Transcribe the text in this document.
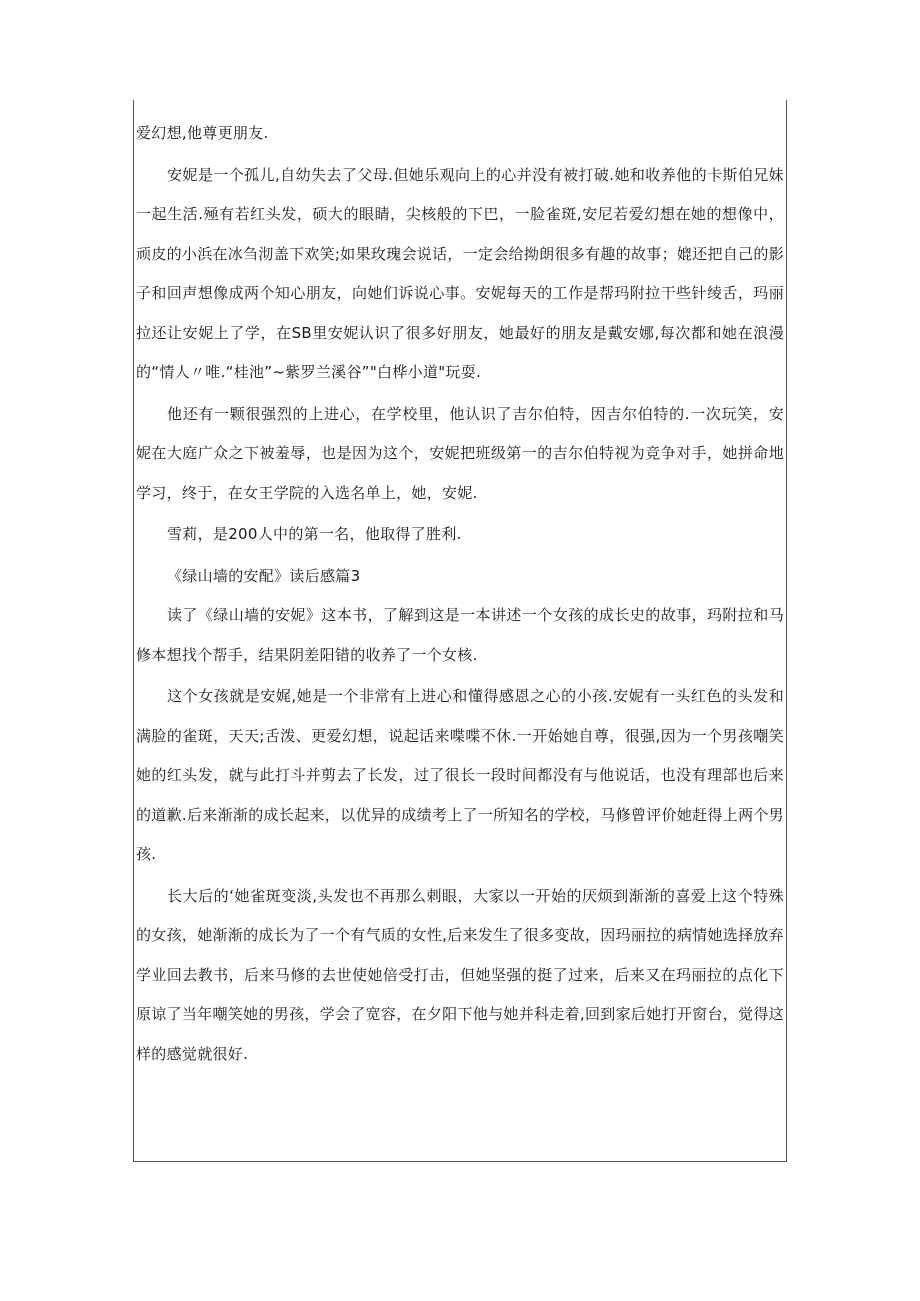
爱幻想,他尊更朋友.

安妮是一个孤儿,自幼失去了父母.但她乐观向上的心并没有被打破.她和收养他的卡斯伯兄妹一起生活.殛有若红头发，硕大的眼睛，尖核般的下巴，一脸雀斑,安尼若爱幻想在她的想像中，顽皮的小浜在冰刍沏盖下欢笑;如果玫瑰会说话，一定会给拗朗很多有趣的故事；媲还把自己的影子和回声想像成两个知心朋友，向她们诉说心事。安妮每天的工作是帮玛附拉干些针绫舌，玛丽拉还让安妮上了学，在SB里安妮认识了很多好朋友，她最好的朋友是戴安娜,每次都和她在浪漫的“情人〃唯.“桂池”~紫罗兰溪谷”"白桦小道"玩耍.

他还有一颗很强烈的上进心，在学校里，他认识了吉尔伯特，因吉尔伯特的.一次玩笑，安妮在大庭广众之下被羞辱，也是因为这个，安妮把班级第一的吉尔伯特视为竞争对手，她拼命地学习，终于，在女王学院的入选名单上，她，安妮.

雪莉，是200人中的第一名，他取得了胜利.

《绿山墙的安配》读后感篇3

读了《绿山墙的安妮》这本书，了解到这是一本讲述一个女孩的成长史的故事，玛附拉和马修本想找个帮手，结果阴差阳错的收养了一个女核.

这个女孩就是安娓,她是一个非常有上进心和懂得感恩之心的小孩.安妮有一头红色的头发和满脸的雀斑，天天;舌泼、更爱幻想，说起话来喋喋不休.一开始她自尊，很强,因为一个男孩嘲笑她的红头发，就与此打斗并剪去了长发，过了很长一段时间都没有与他说话，也没有理部也后来的道歉.后来渐渐的成长起来，以优异的成绩考上了一所知名的学校，马修曾评价她赶得上两个男孩.

长大后的‘她雀斑变淡,头发也不再那么剌眼，大家以一开始的厌烦到渐渐的喜爱上这个特殊的女孩，她渐渐的成长为了一个有气质的女性,后来发生了很多变故，因玛丽拉的病情她选择放弃学业回去教书，后来马修的去世使她倍受打击，但她坚强的挺了过来，后来又在玛丽拉的点化下原谅了当年嘲笑她的男孩，学会了宽容，在夕阳下他与她并科走着,回到家后她打开窗台，觉得这样的感觉就很好.
